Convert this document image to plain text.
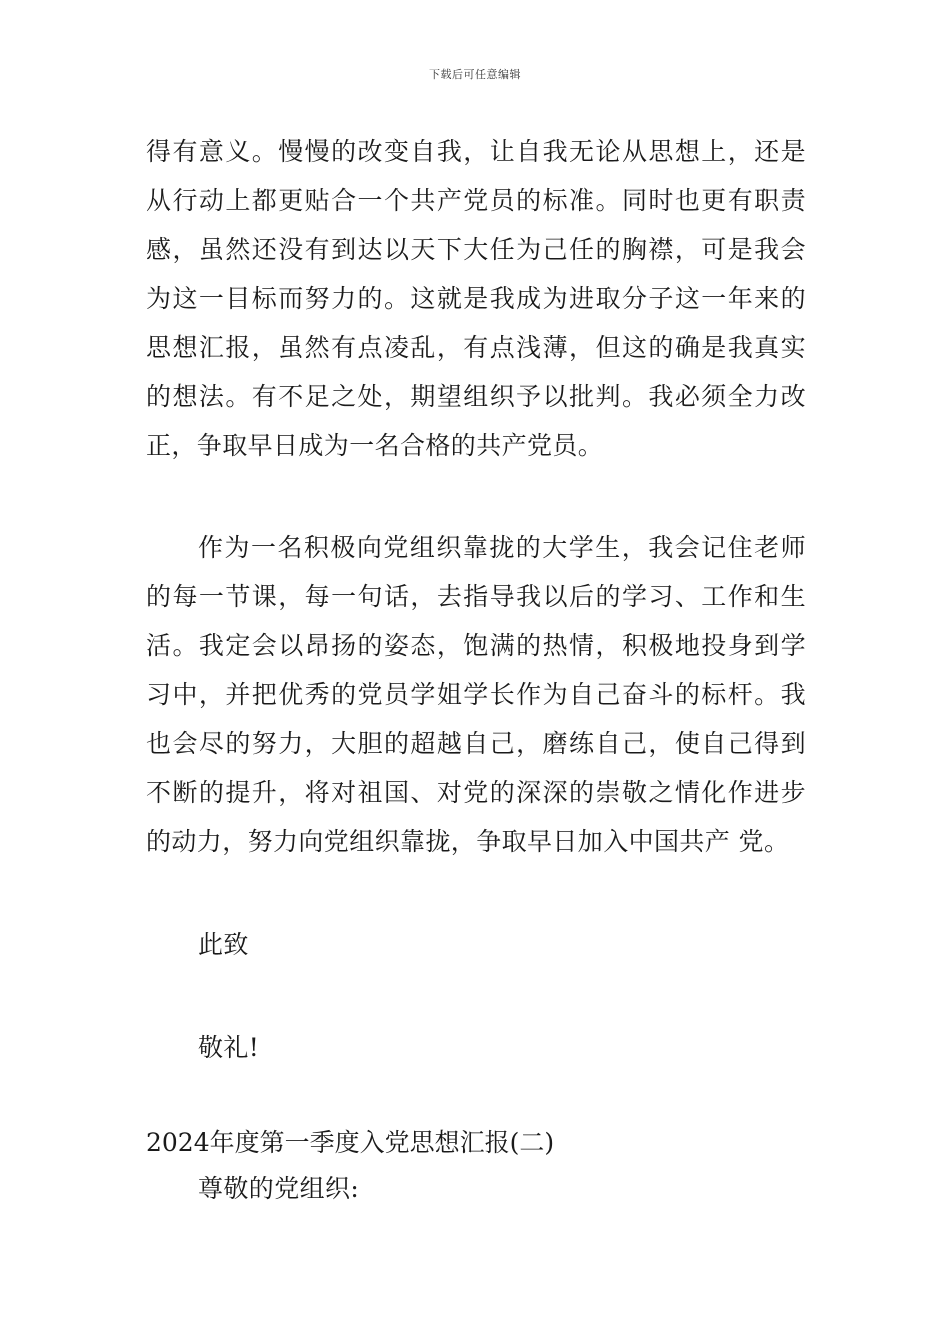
下载后可任意编辑

得有意义。慢慢的改变自我，让自我无论从思想上，还是从行动上都更贴合一个共产党员的标准。同时也更有职责感，虽然还没有到达以天下大任为己任的胸襟，可是我会为这一目标而努力的。这就是我成为进取分子这一年来的思想汇报，虽然有点凌乱，有点浅薄，但这的确是我真实的想法。有不足之处，期望组织予以批判。我必须全力改正，争取早日成为一名合格的共产党员。

作为一名积极向党组织靠拢的大学生，我会记住老师的每一节课，每一句话，去指导我以后的学习、工作和生活。我定会以昂扬的姿态，饱满的热情，积极地投身到学习中，并把优秀的党员学姐学长作为自己奋斗的标杆。我也会尽的努力，大胆的超越自己，磨练自己，使自己得到不断的提升，将对祖国、对党的深深的崇敬之情化作进步的动力，努力向党组织靠拢，争取早日加入中国共产 党。

此致

敬礼!

2024年度第一季度入党思想汇报(二)

尊敬的党组织:
